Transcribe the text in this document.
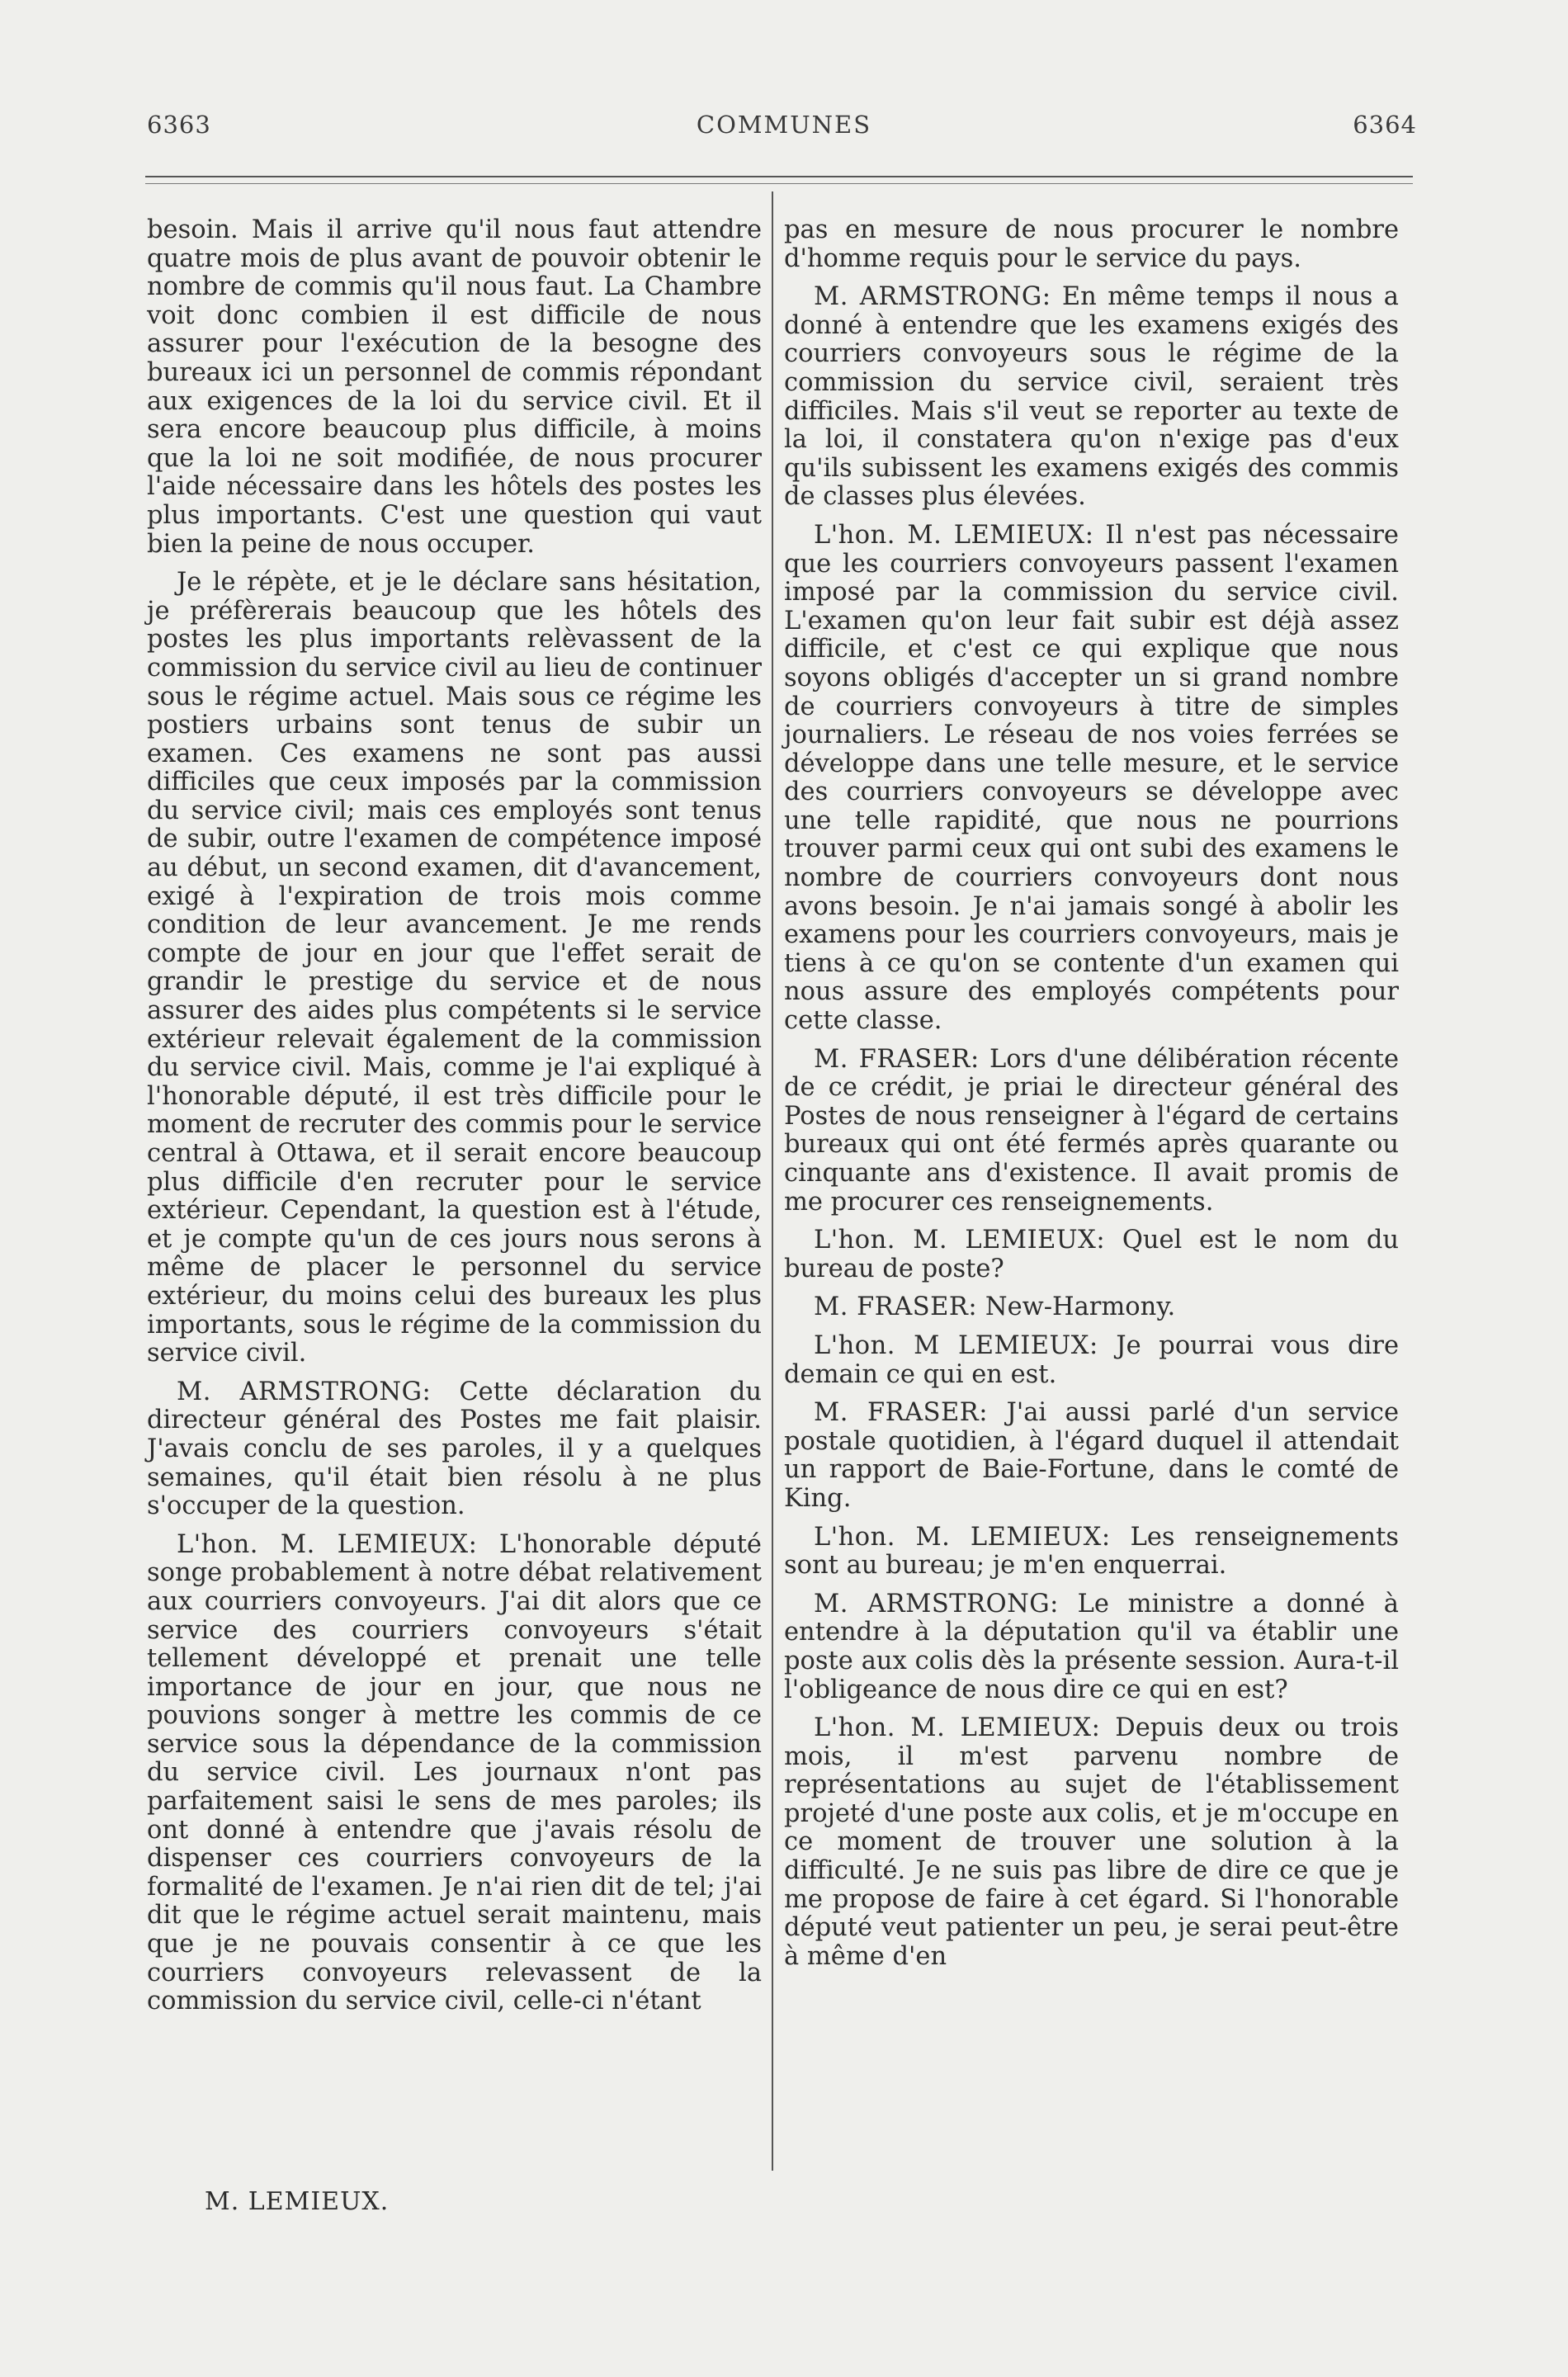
6363	COMMUNES	6364

besoin. Mais il arrive qu'il nous faut attendre quatre mois de plus avant de pouvoir obtenir le nombre de commis qu'il nous faut. La Chambre voit donc combien il est difficile de nous assurer pour l'exécution de la besogne des bureaux ici un personnel de commis répondant aux exigences de la loi du service civil. Et il sera encore beaucoup plus difficile, à moins que la loi ne soit modifiée, de nous procurer l'aide nécessaire dans les hôtels des postes les plus importants. C'est une question qui vaut bien la peine de nous occuper.

Je le répète, et je le déclare sans hésitation, je préfèrerais beaucoup que les hôtels des postes les plus importants relèvassent de la commission du service civil au lieu de continuer sous le régime actuel. Mais sous ce régime les postiers urbains sont tenus de subir un examen. Ces examens ne sont pas aussi difficiles que ceux imposés par la commission du service civil; mais ces employés sont tenus de subir, outre l'examen de compétence imposé au début, un second examen, dit d'avancement, exigé à l'expiration de trois mois comme condition de leur avancement. Je me rends compte de jour en jour que l'effet serait de grandir le prestige du service et de nous assurer des aides plus compétents si le service extérieur relevait également de la commission du service civil. Mais, comme je l'ai expliqué à l'honorable député, il est très difficile pour le moment de recruter des commis pour le service central à Ottawa, et il serait encore beaucoup plus difficile d'en recruter pour le service extérieur. Cependant, la question est à l'étude, et je compte qu'un de ces jours nous serons à même de placer le personnel du service extérieur, du moins celui des bureaux les plus importants, sous le régime de la commission du service civil.

M. ARMSTRONG: Cette déclaration du directeur général des Postes me fait plaisir. J'avais conclu de ses paroles, il y a quelques semaines, qu'il était bien résolu à ne plus s'occuper de la question.

L'hon. M. LEMIEUX: L'honorable député songe probablement à notre débat relativement aux courriers convoyeurs. J'ai dit alors que ce service des courriers convoyeurs s'était tellement développé et prenait une telle importance de jour en jour, que nous ne pouvions songer à mettre les commis de ce service sous la dépendance de la commission du service civil. Les journaux n'ont pas parfaitement saisi le sens de mes paroles; ils ont donné à entendre que j'avais résolu de dispenser ces courriers convoyeurs de la formalité de l'examen. Je n'ai rien dit de tel; j'ai dit que le régime actuel serait maintenu, mais que je ne pouvais consentir à ce que les courriers convoyeurs relevassent de la commission du service civil, celle-ci n'étant

pas en mesure de nous procurer le nombre d'homme requis pour le service du pays.

M. ARMSTRONG: En même temps il nous a donné à entendre que les examens exigés des courriers convoyeurs sous le régime de la commission du service civil, seraient très difficiles. Mais s'il veut se reporter au texte de la loi, il constatera qu'on n'exige pas d'eux qu'ils subissent les examens exigés des commis de classes plus élevées.

L'hon. M. LEMIEUX: Il n'est pas nécessaire que les courriers convoyeurs passent l'examen imposé par la commission du service civil. L'examen qu'on leur fait subir est déjà assez difficile, et c'est ce qui explique que nous soyons obligés d'accepter un si grand nombre de courriers convoyeurs à titre de simples journaliers. Le réseau de nos voies ferrées se développe dans une telle mesure, et le service des courriers convoyeurs se développe avec une telle rapidité, que nous ne pourrions trouver parmi ceux qui ont subi des examens le nombre de courriers convoyeurs dont nous avons besoin. Je n'ai jamais songé à abolir les examens pour les courriers convoyeurs, mais je tiens à ce qu'on se contente d'un examen qui nous assure des employés compétents pour cette classe.

M. FRASER: Lors d'une délibération récente de ce crédit, je priai le directeur général des Postes de nous renseigner à l'égard de certains bureaux qui ont été fermés après quarante ou cinquante ans d'existence. Il avait promis de me procurer ces renseignements.

L'hon. M. LEMIEUX: Quel est le nom du bureau de poste?

M. FRASER: New-Harmony.

L'hon. M LEMIEUX: Je pourrai vous dire demain ce qui en est.

M. FRASER: J'ai aussi parlé d'un service postale quotidien, à l'égard duquel il attendait un rapport de Baie-Fortune, dans le comté de King.

L'hon. M. LEMIEUX: Les renseignements sont au bureau; je m'en enquerrai.

M. ARMSTRONG: Le ministre a donné à entendre à la députation qu'il va établir une poste aux colis dès la présente session. Aura-t-il l'obligeance de nous dire ce qui en est?

L'hon. M. LEMIEUX: Depuis deux ou trois mois, il m'est parvenu nombre de représentations au sujet de l'établissement projeté d'une poste aux colis, et je m'occupe en ce moment de trouver une solution à la difficulté. Je ne suis pas libre de dire ce que je me propose de faire à cet égard. Si l'honorable député veut patienter un peu, je serai peut-être à même d'en

M. LEMIEUX.
